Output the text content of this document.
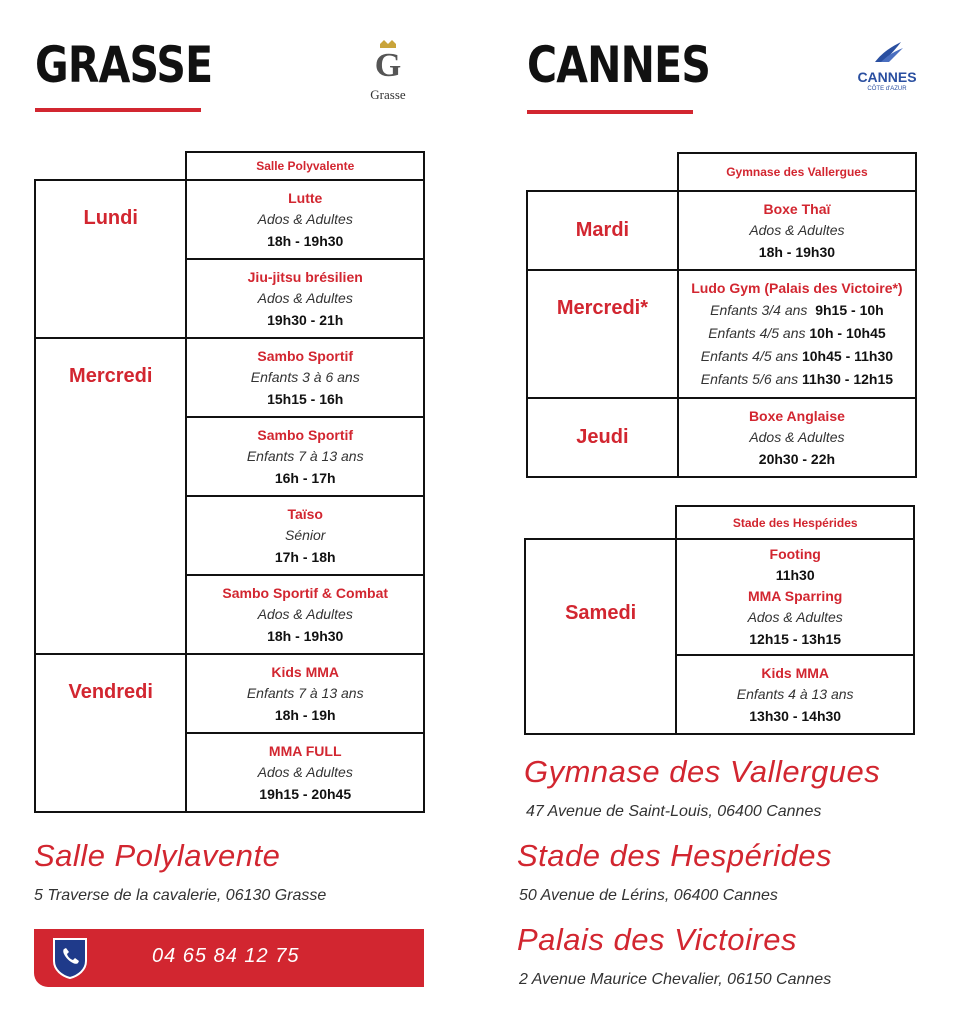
GRASSE	G
Grasse
	Salle Polyvalente
Lundi	Lutte
Ados & Adultes
18h - 19h30

	Jiu-jitsu brésilien
Ados & Adultes
19h30 - 21h

Mercredi	Sambo Sportif
Enfants 3 à 6 ans
15h15 - 16h

	Sambo Sportif
Enfants 7 à 13 ans
16h - 17h

	Taïso
Sénior
17h - 18h

	Sambo Sportif & Combat
Ados & Adultes
18h - 19h30

Vendredi	Kids MMA
Enfants 7 à 13 ans
18h - 19h

	MMA FULL
Ados & Adultes
19h15 - 20h45
Salle Polylavente
5 Traverse de la cavalerie, 06130 Grasse
04 65 84 12 75
CANNES	CANNES
CÔTE d'AZUR
	Gymnase des Vallergues
Mardi	Boxe Thaï
Ados & Adultes
18h - 19h30

Mercredi*	Ludo Gym (Palais des Victoire*)
Enfants 3/4 ans 9h15 - 10h
Enfants 4/5 ans 10h - 10h45
Enfants 4/5 ans 10h45 - 11h30
Enfants 5/6 ans 11h30 - 12h15

Jeudi	Boxe Anglaise
Ados & Adultes
20h30 - 22h
	Stade des Hespérides
Samedi	Footing
11h30
MMA Sparring
Ados & Adultes
12h15 - 13h15

	Kids MMA
Enfants 4 à 13 ans
13h30 - 14h30
Gymnase des Vallergues
47 Avenue de Saint-Louis, 06400 Cannes
Stade des Hespérides
50 Avenue de Lérins, 06400 Cannes
Palais des Victoires
2 Avenue Maurice Chevalier, 06150 Cannes
